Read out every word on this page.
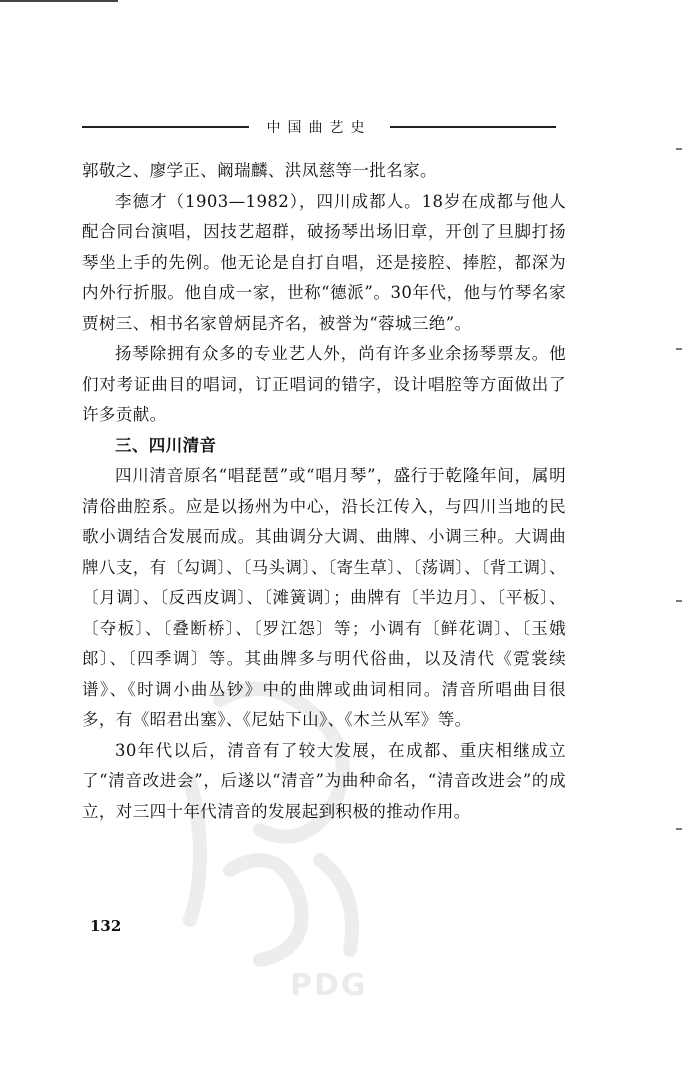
中国曲艺史

郭敬之、廖学正、阚瑞麟、洪凤慈等一批名家。

李德才（1903—1982），四川成都人。18岁在成都与他人配合同台演唱，因技艺超群，破扬琴出场旧章，开创了旦脚打扬琴坐上手的先例。他无论是自打自唱，还是接腔、捧腔，都深为内外行折服。他自成一家，世称“德派”。30年代，他与竹琴名家贾树三、相书名家曾炳昆齐名，被誉为“蓉城三绝”。

扬琴除拥有众多的专业艺人外，尚有许多业余扬琴票友。他们对考证曲目的唱词，订正唱词的错字，设计唱腔等方面做出了许多贡献。

三、四川清音

四川清音原名“唱琵琶”或“唱月琴”，盛行于乾隆年间，属明清俗曲腔系。应是以扬州为中心，沿长江传入，与四川当地的民歌小调结合发展而成。其曲调分大调、曲牌、小调三种。大调曲牌八支，有〔勾调〕、〔马头调〕、〔寄生草〕、〔荡调〕、〔背工调〕、〔月调〕、〔反西皮调〕、〔滩簧调〕；曲牌有〔半边月〕、〔平板〕、〔夺板〕、〔叠断桥〕、〔罗江怨〕等；小调有〔鲜花调〕、〔玉娥郎〕、〔四季调〕等。其曲牌多与明代俗曲，以及清代《霓裳续谱》、《时调小曲丛钞》中的曲牌或曲词相同。清音所唱曲目很多，有《昭君出塞》、《尼姑下山》、《木兰从军》等。

30年代以后，清音有了较大发展，在成都、重庆相继成立了“清音改进会”，后遂以“清音”为曲种命名，“清音改进会”的成立，对三四十年代清音的发展起到积极的推动作用。

132
PDG
